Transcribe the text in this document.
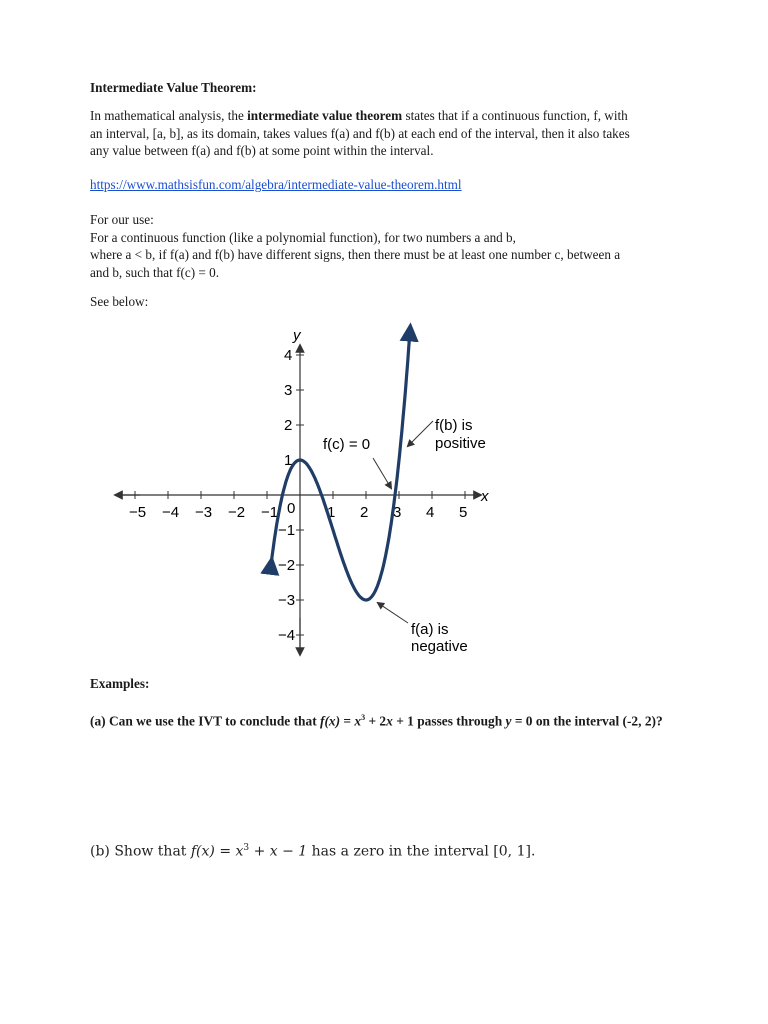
Intermediate Value Theorem:

In mathematical analysis, the intermediate value theorem states that if a continuous function, f, with

an interval, [a, b], as its domain, takes values f(a) and f(b) at each end of the interval, then it also takes

any value between f(a) and f(b) at some point within the interval.

https://www.mathsisfun.com/algebra/intermediate-value-theorem.html

For our use:

For a continuous function (like a polynomial function), for two numbers a and b,

where a < b, if f(a) and f(b) have different signs, then there must be at least one number c, between a

and b, such that f(c) = 0.

See below:
−5 −4 −3 −2 −1 0 1 2 3 4 5
4
3
2
1
−1
−2
−3
−4
x
y
f(c) = 0
f(b) is
positive
f(a) is
negative
Examples:
(a) Can we use the IVT to conclude that $f(x) = x^3 + 2x + 1$ passes through y = 0 on the interval (-2, 2)?
(b) Show that $f(x) = x^3 + x - 1$ has a zero in the interval [0, 1].
